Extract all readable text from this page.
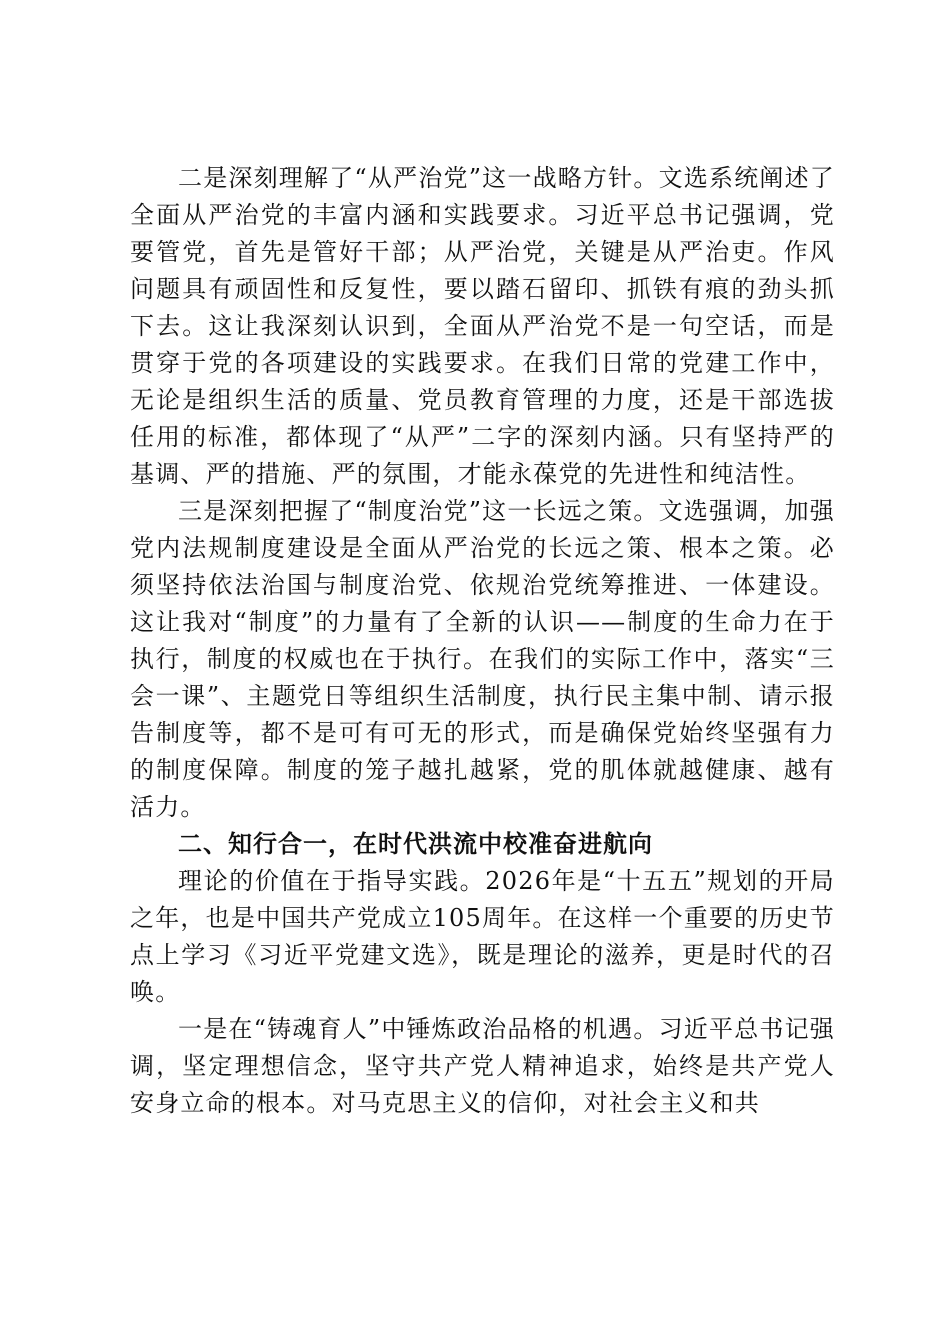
二是深刻理解了“从严治党”这一战略方针。文选系统阐述了全面从严治党的丰富内涵和实践要求。习近平总书记强调，党要管党，首先是管好干部；从严治党，关键是从严治吏。作风问题具有顽固性和反复性，要以踏石留印、抓铁有痕的劲头抓下去。这让我深刻认识到，全面从严治党不是一句空话，而是贯穿于党的各项建设的实践要求。在我们日常的党建工作中，无论是组织生活的质量、党员教育管理的力度，还是干部选拔任用的标准，都体现了“从严”二字的深刻内涵。只有坚持严的基调、严的措施、严的氛围，才能永葆党的先进性和纯洁性。

三是深刻把握了“制度治党”这一长远之策。文选强调，加强党内法规制度建设是全面从严治党的长远之策、根本之策。必须坚持依法治国与制度治党、依规治党统筹推进、一体建设。这让我对“制度”的力量有了全新的认识——制度的生命力在于执行，制度的权威也在于执行。在我们的实际工作中，落实“三会一课”、主题党日等组织生活制度，执行民主集中制、请示报告制度等，都不是可有可无的形式，而是确保党始终坚强有力的制度保障。制度的笼子越扎越紧，党的肌体就越健康、越有活力。

二、知行合一，在时代洪流中校准奋进航向

理论的价值在于指导实践。2026年是“十五五”规划的开局之年，也是中国共产党成立105周年。在这样一个重要的历史节点上学习《习近平党建文选》，既是理论的滋养，更是时代的召唤。

一是在“铸魂育人”中锤炼政治品格的机遇。习近平总书记强调，坚定理想信念，坚守共产党人精神追求，始终是共产党人安身立命的根本。对马克思主义的信仰，对社会主义和共
